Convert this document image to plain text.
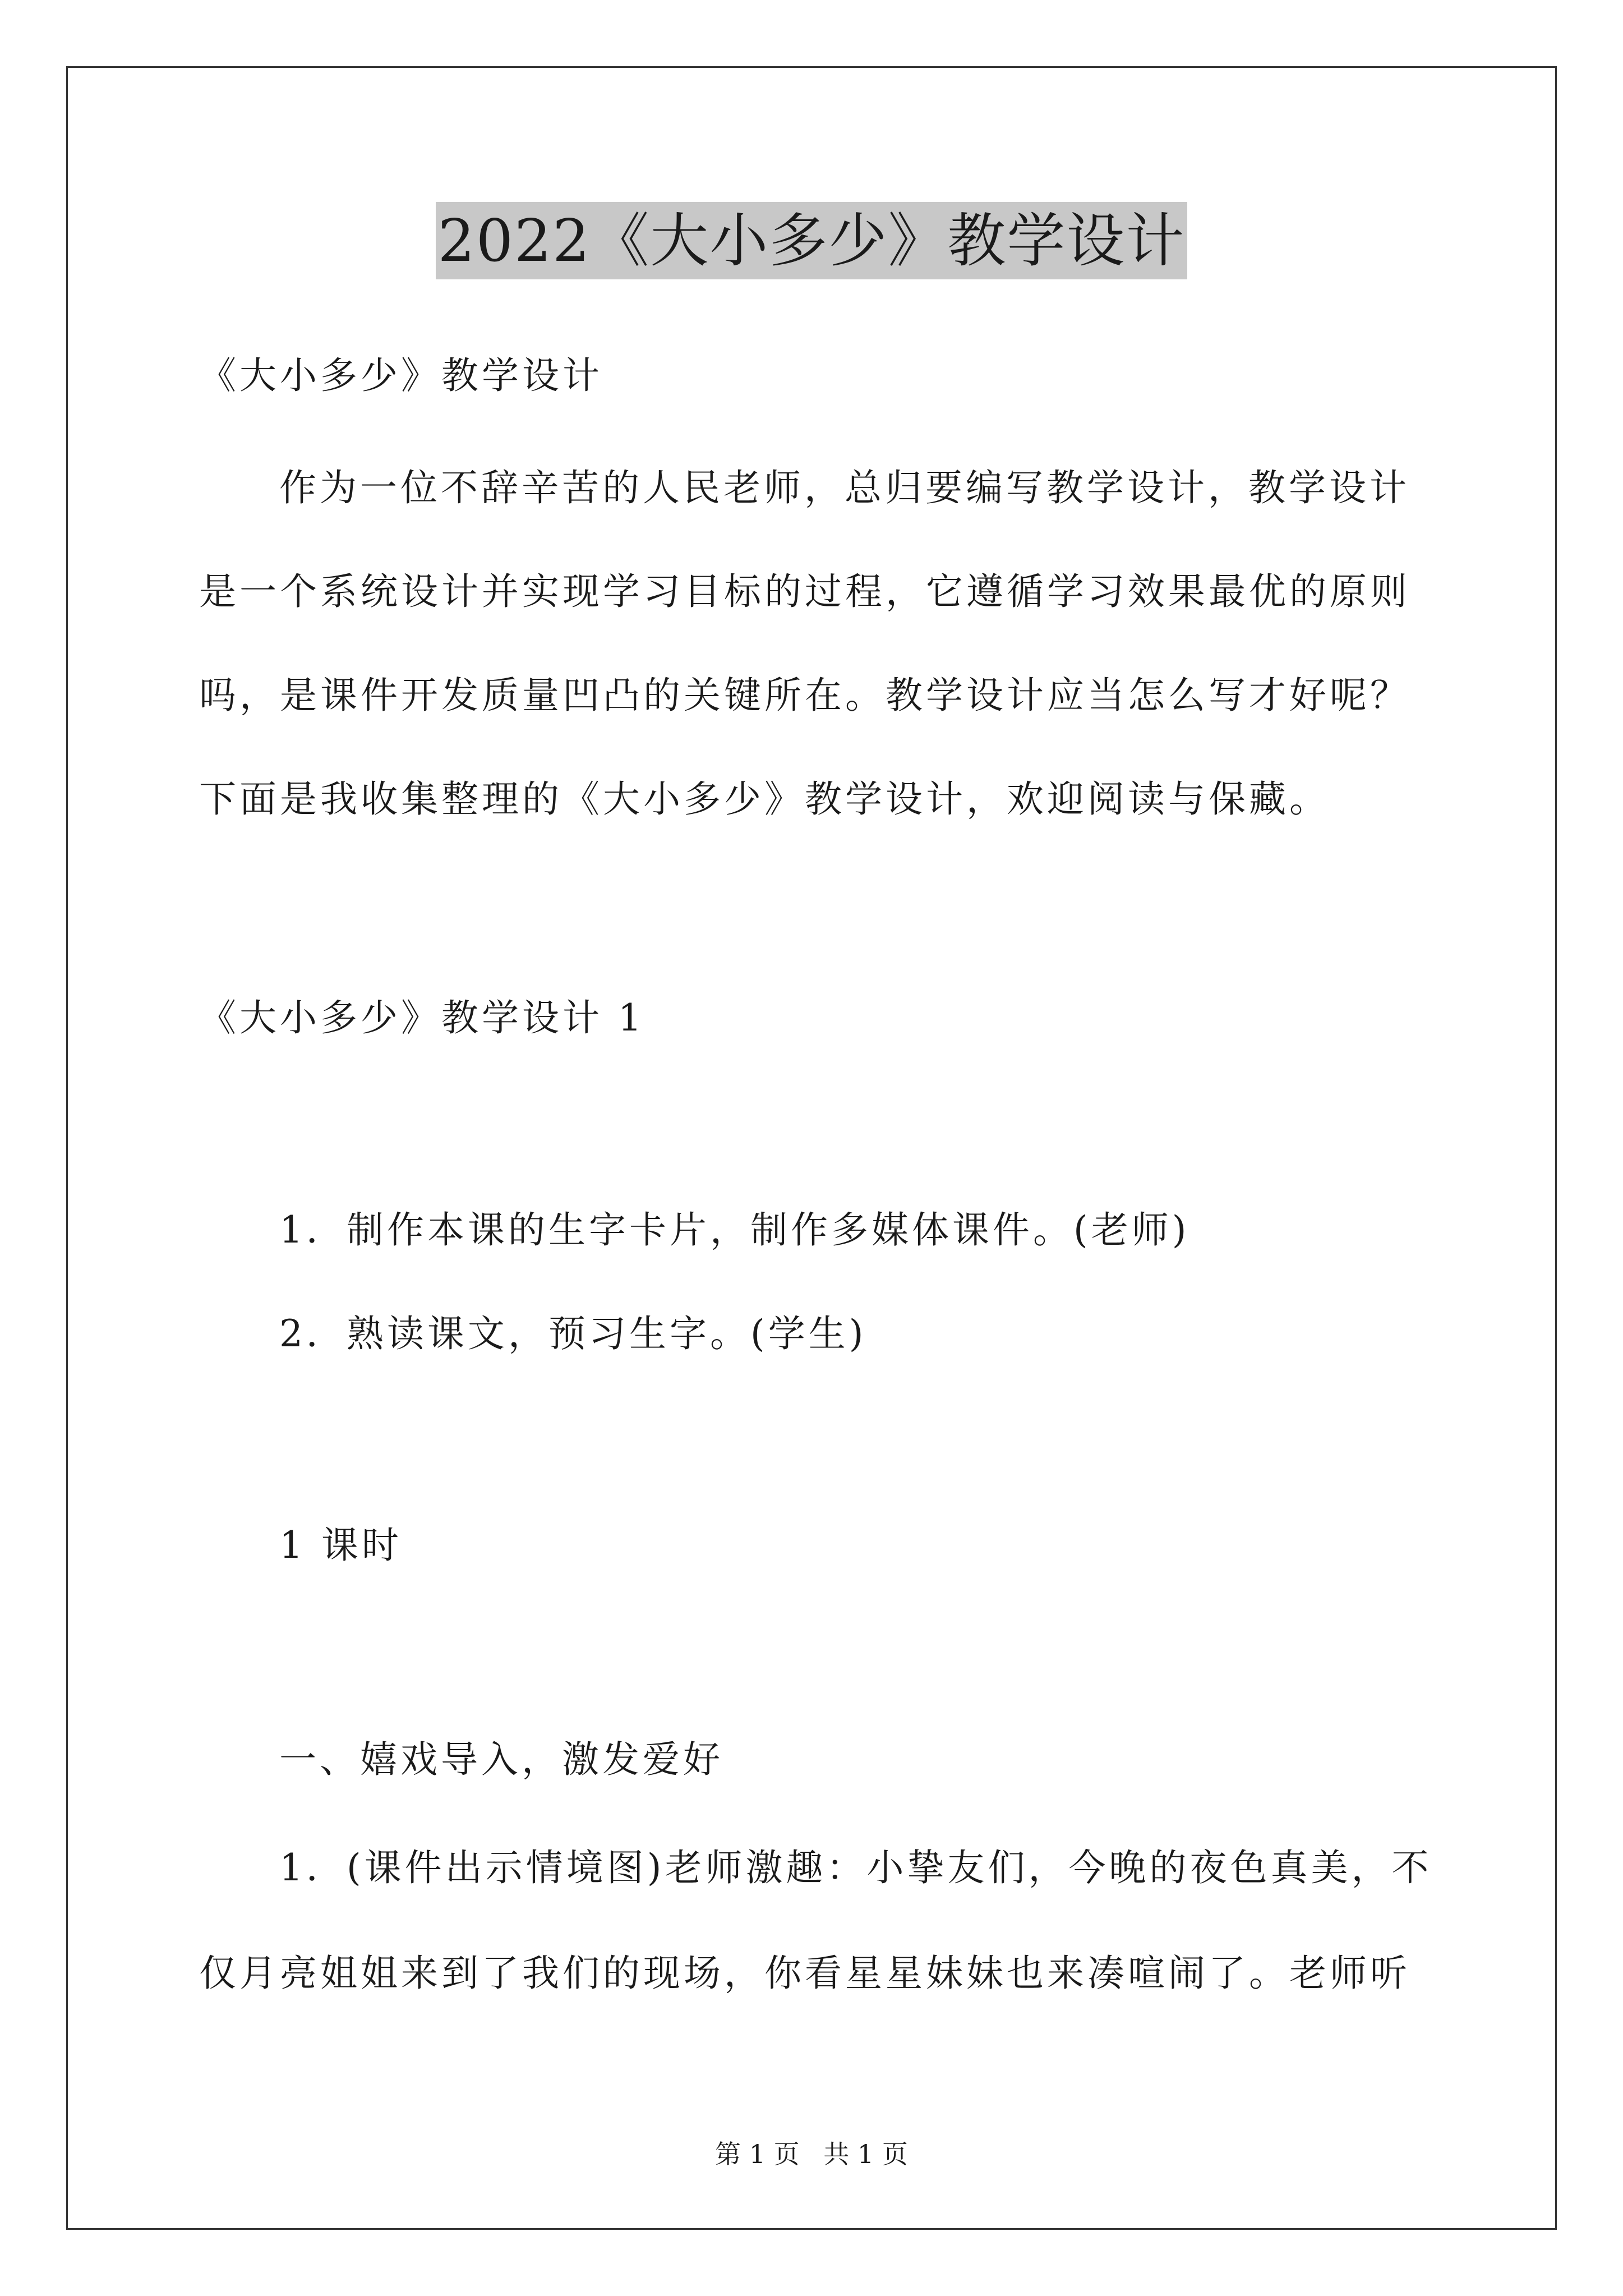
2022《大小多少》教学设计
《大小多少》教学设计
作为一位不辞辛苦的人民老师，总归要编写教学设计，教学设计
是一个系统设计并实现学习目标的过程，它遵循学习效果最优的原则
吗，是课件开发质量凹凸的关键所在。教学设计应当怎么写才好呢？
下面是我收集整理的《大小多少》教学设计，欢迎阅读与保藏。
《大小多少》教学设计 1
1．制作本课的生字卡片，制作多媒体课件。(老师)
2．熟读课文，预习生字。(学生)
1 课时
一、嬉戏导入，激发爱好
1．(课件出示情境图)老师激趣：小挚友们，今晚的夜色真美，不
仅月亮姐姐来到了我们的现场，你看星星妹妹也来凑喧闹了。老师听
第 1 页 共 1 页
